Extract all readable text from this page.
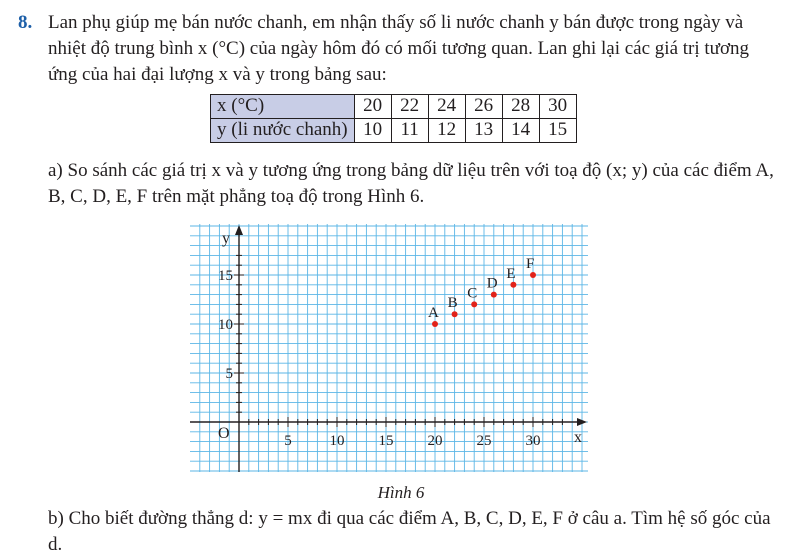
8. Lan phụ giúp mẹ bán nước chanh, em nhận thấy số li nước chanh y bán được trong ngày và nhiệt độ trung bình x (°C) của ngày hôm đó có mối tương quan. Lan ghi lại các giá trị tương ứng của hai đại lượng x và y trong bảng sau:

x (°C)	20	22	24	26	28	30
y (li nước chanh)	10	11	12	13	14	15

a) So sánh các giá trị x và y tương ứng trong bảng dữ liệu trên với toạ độ (x; y) của các điểm A, B, C, D, E, F trên mặt phẳng toạ độ trong Hình 6.

5	10 15 20 25 30
5
10
15
x
y
O
A
B
C
D
E
F
Hình 6

b) Cho biết đường thẳng d: y = mx đi qua các điểm A, B, C, D, E, F ở câu a. Tìm hệ số góc của d.
